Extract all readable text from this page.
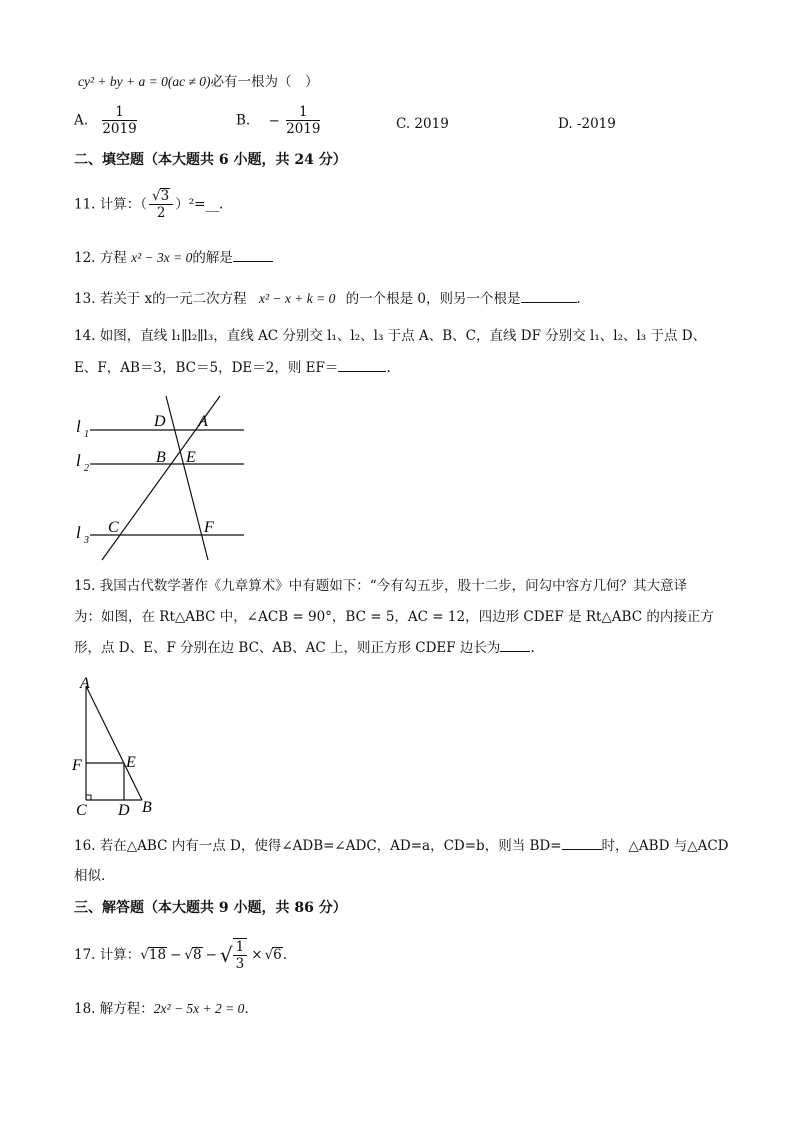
cy² + by + a = 0(ac ≠ 0)必有一根为（　）
A. $\frac{1}{2019}$	B. − $\frac{1}{2019}$	C. 2019	D. -2019
二、填空题（本大题共 6 小题，共 24 分）
11. 计算：（ $\frac{√3}{2}$ ）²=__.
12. 方程 x² − 3x = 0的解是
13. 若关于 x的一元二次方程 x² − x + k = 0 的一个根是 0，则另一个根是	.
14. 如图，直线 l₁∥l₂∥l₃，直线 AC 分别交 l₁、l₂、l₃ 于点 A、B、C，直线 DF 分别交 l₁、l₂、l₃ 于点 D、
E、F，AB＝3，BC＝5，DE＝2，则 EF＝	.
l 1
l 2
l 3
D A
B E
C	F
15. 我国古代数学著作《九章算术》中有题如下：“今有勾五步，股十二步，问勾中容方几何？其大意译
为：如图，在 Rt△ABC 中，∠ACB = 90°，BC = 5，AC = 12，四边形 CDEF 是 Rt△ABC 的内接正方
形，点 D、E、F 分别在边 BC、AB、AC 上，则正方形 CDEF 边长为 .
A
F	E
C D B
16. 若在△ABC 内有一点 D，使得∠ADB=∠ADC，AD=a，CD=b，则当 BD=	时，△ABD 与△ACD
相似.
三、解答题（本大题共 9 小题，共 86 分）
17. 计算：√18 − √8 − √ $\frac{1}{3} \times √6$.
18. 解方程：2x² − 5x + 2 = 0.
